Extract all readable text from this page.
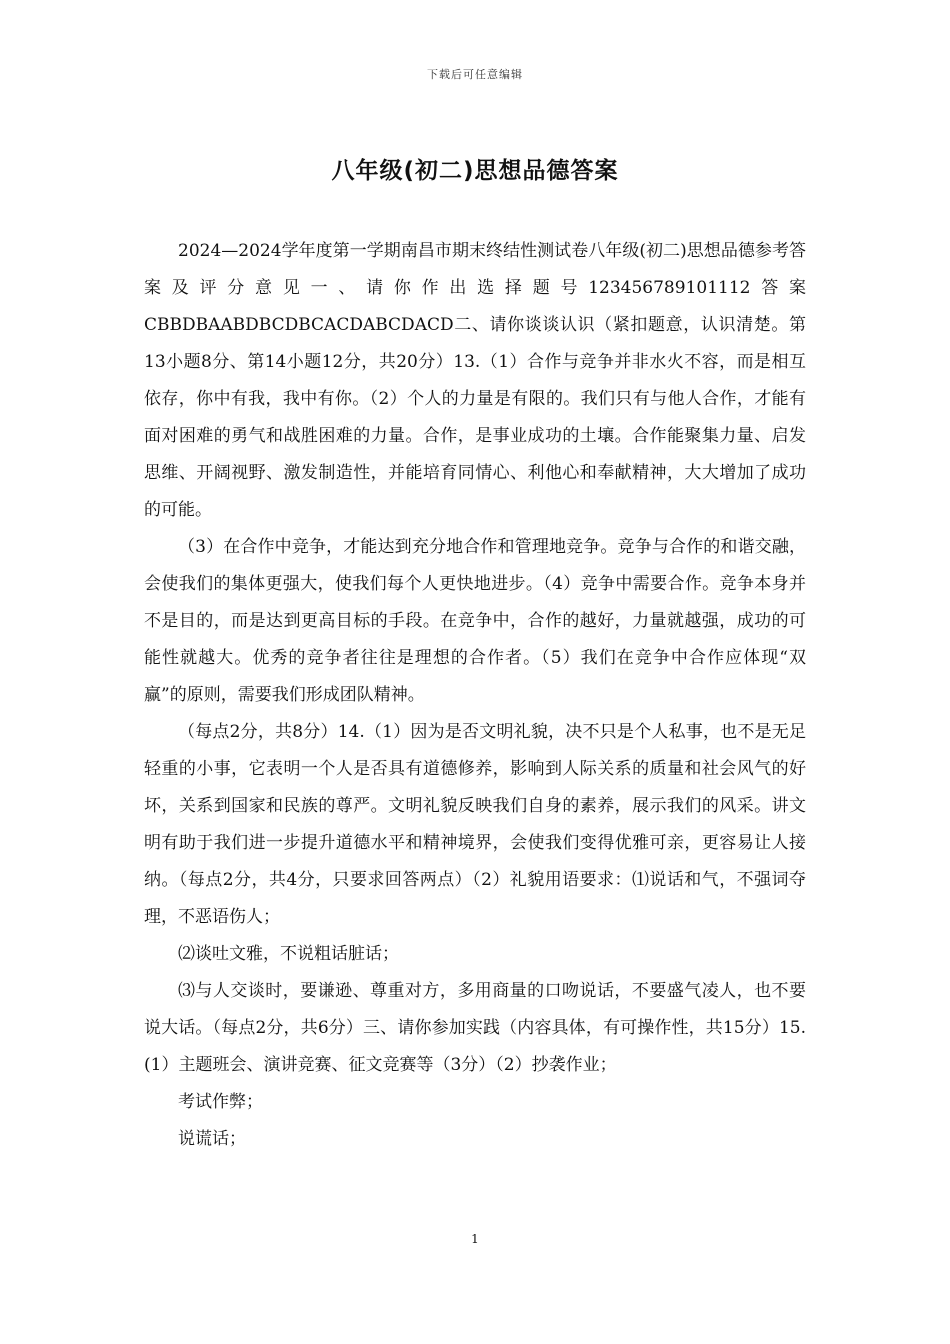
下载后可任意编辑
八年级(初二)思想品德答案

2024—2024学年度第一学期南昌市期末终结性测试卷八年级(初二)思想品德参考答案及评分意见一、请你作出选择题号123456789101112答案CBBDBAABDBCDBCACDABCDACD二、请你谈谈认识（紧扣题意，认识清楚。第13小题8分、第14小题12分，共20分）13.（1）合作与竞争并非水火不容，而是相互依存，你中有我，我中有你。（2）个人的力量是有限的。我们只有与他人合作，才能有面对困难的勇气和战胜困难的力量。合作，是事业成功的土壤。合作能聚集力量、启发思维、开阔视野、激发制造性，并能培育同情心、利他心和奉献精神，大大增加了成功的可能。

（3）在合作中竞争，才能达到充分地合作和管理地竞争。竞争与合作的和谐交融，会使我们的集体更强大，使我们每个人更快地进步。（4）竞争中需要合作。竞争本身并不是目的，而是达到更高目标的手段。在竞争中，合作的越好，力量就越强，成功的可能性就越大。优秀的竞争者往往是理想的合作者。（5）我们在竞争中合作应体现“双赢”的原则，需要我们形成团队精神。

（每点2分，共8分）14.（1）因为是否文明礼貌，决不只是个人私事，也不是无足轻重的小事，它表明一个人是否具有道德修养，影响到人际关系的质量和社会风气的好坏，关系到国家和民族的尊严。文明礼貌反映我们自身的素养，展示我们的风采。讲文明有助于我们进一步提升道德水平和精神境界，会使我们变得优雅可亲，更容易让人接纳。（每点2分，共4分，只要求回答两点）（2）礼貌用语要求：⑴说话和气，不强词夺理，不恶语伤人；

⑵谈吐文雅，不说粗话脏话；

⑶与人交谈时，要谦逊、尊重对方，多用商量的口吻说话，不要盛气凌人，也不要说大话。（每点2分，共6分）三、请你参加实践（内容具体，有可操作性，共15分）15.(1）主题班会、演讲竞赛、征文竞赛等（3分）（2）抄袭作业；

考试作弊；

说谎话；

1
